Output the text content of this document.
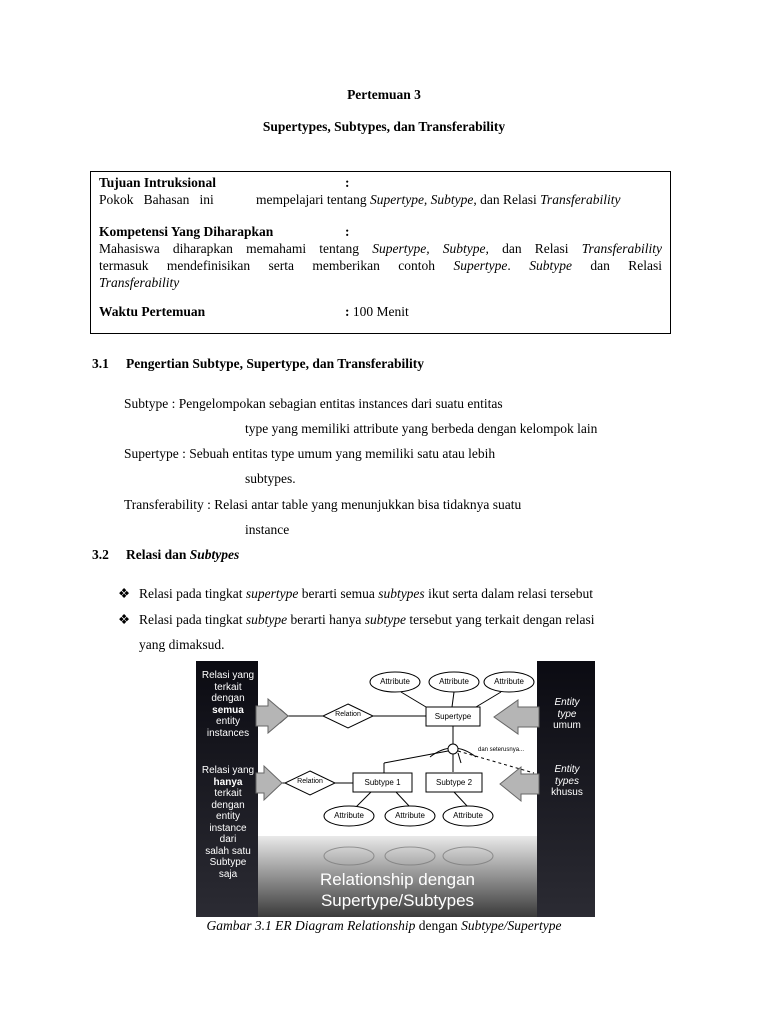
Pertemuan 3
Supertypes, Subtypes, dan Transferability
Tujuan Intruksional	:
Pokok   Bahasan   ini	mempelajari tentang Supertype, Subtype, dan Relasi Transferability
Kompetensi Yang Diharapkan	:
Mahasiswa diharapkan memahami tentang Supertype, Subtype, dan Relasi Transferability
termasuk mendefinisikan serta memberikan contoh Supertype. Subtype dan Relasi
Transferability
Waktu Pertemuan	: 100 Menit
3.1 Pengertian Subtype, Supertype, dan Transferability
Subtype : Pengelompokan sebagian entitas instances dari suatu entitas
type yang memiliki attribute yang berbeda dengan kelompok lain
Supertype : Sebuah entitas type umum yang memiliki satu atau lebih
subtypes.
Transferability : Relasi antar table yang menunjukkan bisa tidaknya suatu
instance
3.2 Relasi dan Subtypes
❖ Relasi pada tingkat supertype berarti semua subtypes ikut serta dalam relasi tersebut
❖ Relasi pada tingkat subtype berarti hanya subtype tersebut yang terkait dengan relasi
yang dimaksud.
Attribute	Attribute	Attribute
Supertype
Relation
Relation	Subtype 1	Subtype 2
dan seterusnya...
Attribute	Attribute	Attribute
Relasi yang
terkait
dengan
semua
entity
instances
Relasi yang
hanya
terkait
dengan
entity
instance
dari
salah satu
Subtype
saja
Entity
type
umum
Entity
types
khusus
Relationship dengan
Supertype/Subtypes
Gambar 3.1 ER Diagram Relationship dengan Subtype/Supertype
